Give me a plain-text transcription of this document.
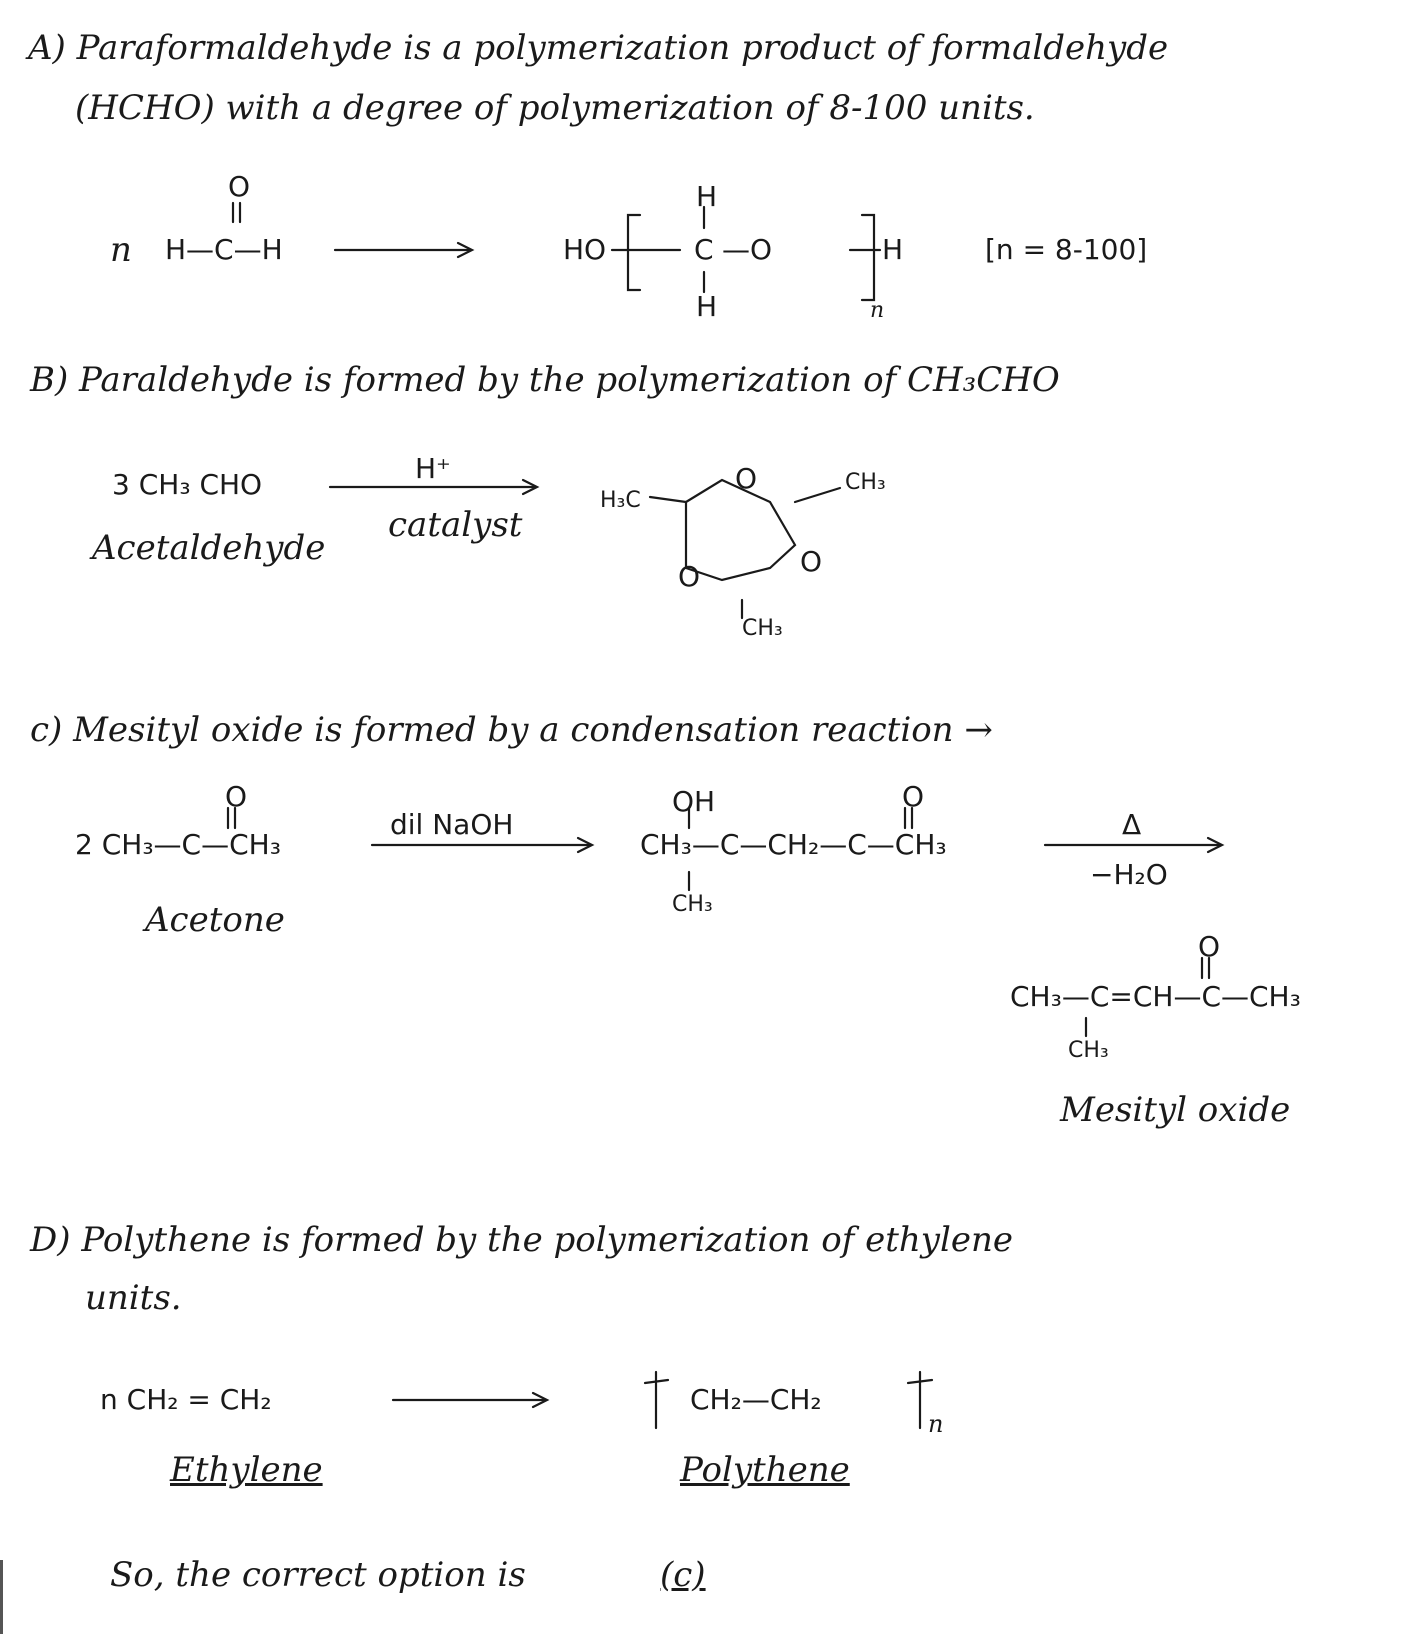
A) Paraformaldehyde is a polymerization product of formaldehyde
(HCHO) with a degree of polymerization of 8-100 units.
O
n H—C—H	HO
H
C —O
H
H
n
[n = 8-100]
B) Paraldehyde is formed by the polymerization of CH₃CHO
3 CH₃ CHO
Acetaldehyde
H⁺
catalyst
O
O	O
H₃C
CH₃
CH₃
c) Mesityl oxide is formed by a condensation reaction →
O
2 CH₃—C—CH₃
Acetone
dil NaOH
OH	O
CH₃—C—CH₂—C—CH₃
CH₃
Δ
−H₂O
O
CH₃—C=CH—C—CH₃
CH₃
Mesityl oxide
D) Polythene is formed by the polymerization of ethylene
units.
n CH₂ = CH₂
Ethylene
CH₂—CH₂
n
Polythene
So, the correct option is	(c)
